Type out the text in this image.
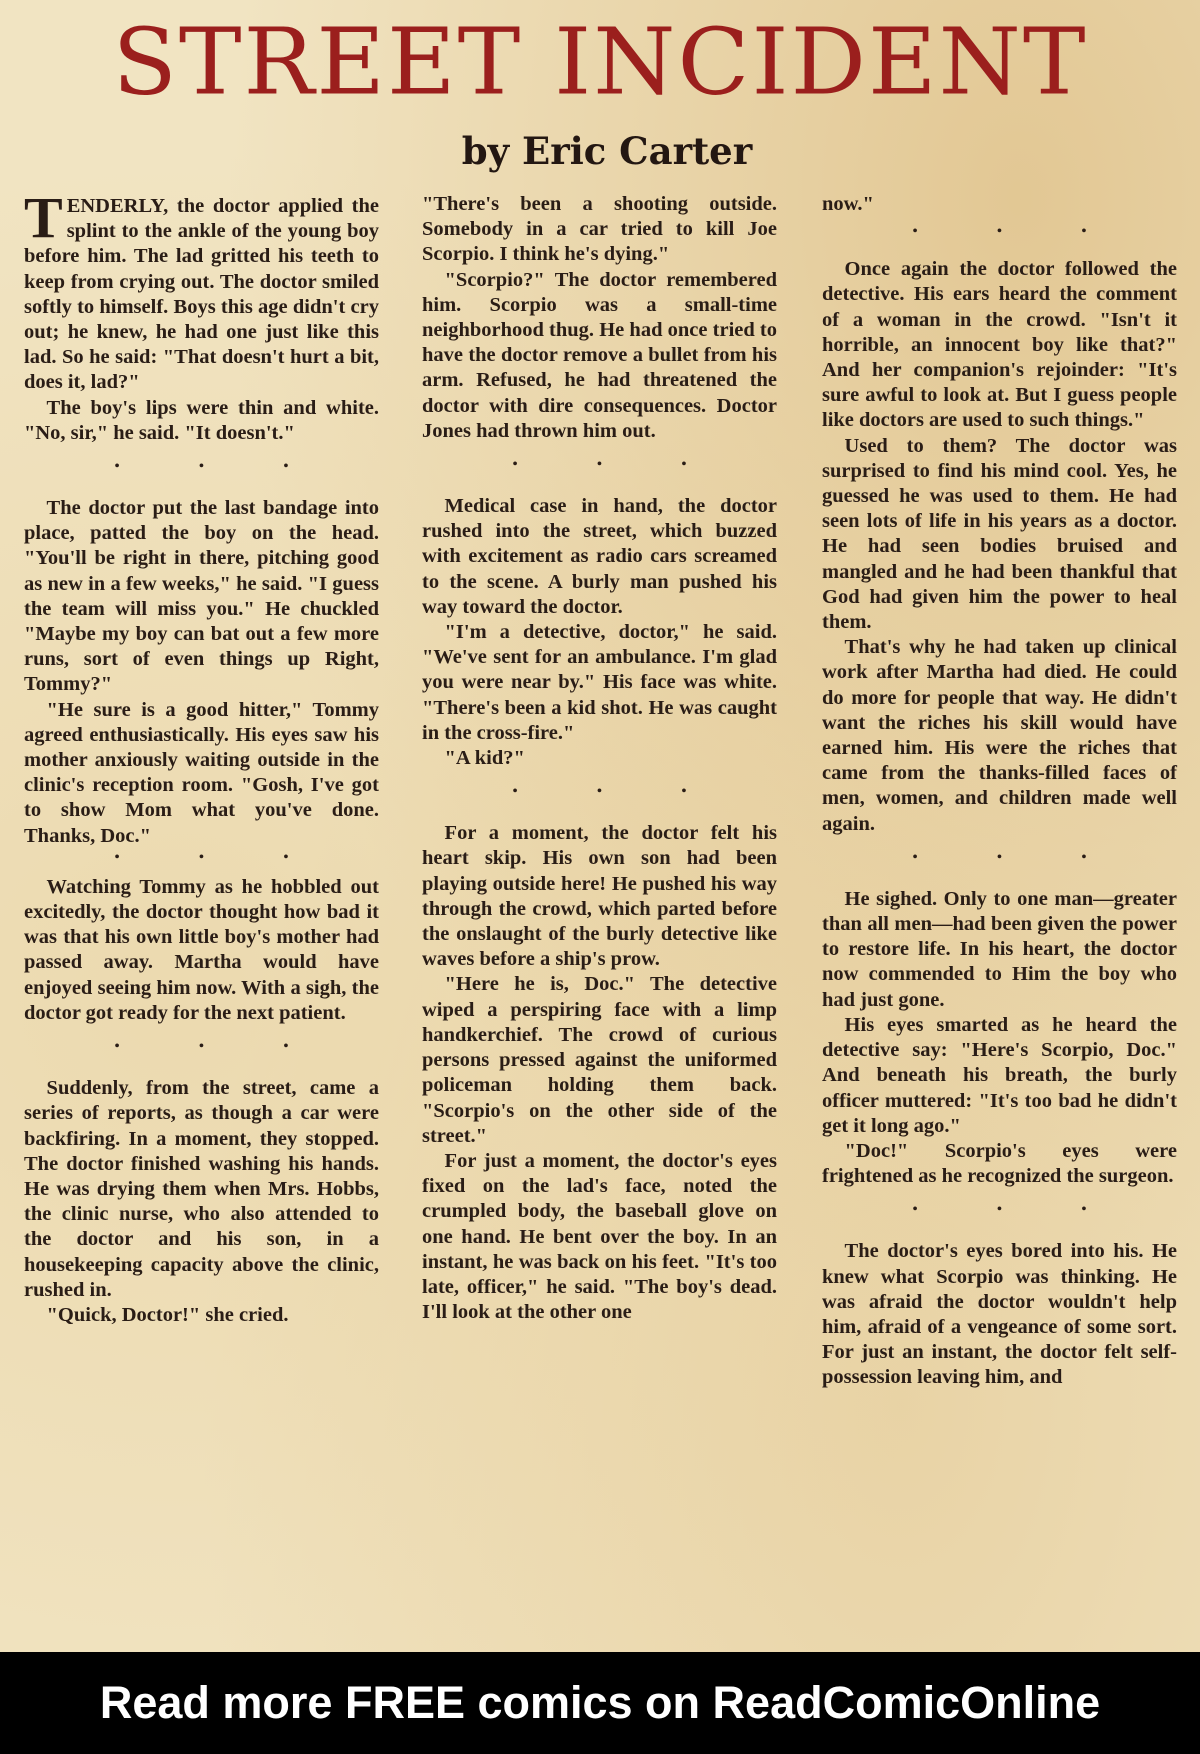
STREET INCIDENT
by Eric Carter

TENDERLY, the doctor applied the splint to the ankle of the young boy before him. The lad gritted his teeth to keep from crying out. The doctor smiled softly to himself. Boys this age didn't cry out; he knew, he had one just like this lad. So he said: "That doesn't hurt a bit, does it, lad?"

The boy's lips were thin and white. "No, sir," he said. "It doesn't."

• • •

The doctor put the last bandage into place, patted the boy on the head. "You'll be right in there, pitching good as new in a few weeks," he said. "I guess the team will miss you." He chuckled "Maybe my boy can bat out a few more runs, sort of even things up Right, Tommy?"

"He sure is a good hitter," Tommy agreed enthusiastically. His eyes saw his mother anxiously waiting outside in the clinic's reception room. "Gosh, I've got to show Mom what you've done. Thanks, Doc."

• • •

Watching Tommy as he hobbled out excitedly, the doctor thought how bad it was that his own little boy's mother had passed away. Martha would have enjoyed seeing him now. With a sigh, the doctor got ready for the next patient.

• • •

Suddenly, from the street, came a series of reports, as though a car were backfiring. In a moment, they stopped. The doctor finished washing his hands. He was drying them when Mrs. Hobbs, the clinic nurse, who also attended to the doctor and his son, in a housekeeping capacity above the clinic, rushed in.

"Quick, Doctor!" she cried.

"There's been a shooting outside. Somebody in a car tried to kill Joe Scorpio. I think he's dying."

"Scorpio?" The doctor remembered him. Scorpio was a small-time neighborhood thug. He had once tried to have the doctor remove a bullet from his arm. Refused, he had threatened the doctor with dire consequences. Doctor Jones had thrown him out.

• • •

Medical case in hand, the doctor rushed into the street, which buzzed with excitement as radio cars screamed to the scene. A burly man pushed his way toward the doctor.

"I'm a detective, doctor," he said. "We've sent for an ambulance. I'm glad you were near by." His face was white. "There's been a kid shot. He was caught in the cross-fire."

"A kid?"

• • •

For a moment, the doctor felt his heart skip. His own son had been playing outside here! He pushed his way through the crowd, which parted before the onslaught of the burly detective like waves before a ship's prow.

"Here he is, Doc." The detective wiped a perspiring face with a limp handkerchief. The crowd of curious persons pressed against the uniformed policeman holding them back. "Scorpio's on the other side of the street."

For just a moment, the doctor's eyes fixed on the lad's face, noted the crumpled body, the baseball glove on one hand. He bent over the boy. In an instant, he was back on his feet. "It's too late, officer," he said. "The boy's dead. I'll look at the other one

now."

• • •

Once again the doctor followed the detective. His ears heard the comment of a woman in the crowd. "Isn't it horrible, an innocent boy like that?" And her companion's rejoinder: "It's sure awful to look at. But I guess people like doctors are used to such things."

Used to them? The doctor was surprised to find his mind cool. Yes, he guessed he was used to them. He had seen lots of life in his years as a doctor. He had seen bodies bruised and mangled and he had been thankful that God had given him the power to heal them.

That's why he had taken up clinical work after Martha had died. He could do more for people that way. He didn't want the riches his skill would have earned him. His were the riches that came from the thanks-filled faces of men, women, and children made well again.

• • •

He sighed. Only to one man—greater than all men—had been given the power to restore life. In his heart, the doctor now commended to Him the boy who had just gone.

His eyes smarted as he heard the detective say: "Here's Scorpio, Doc." And beneath his breath, the burly officer muttered: "It's too bad he didn't get it long ago."

"Doc!" Scorpio's eyes were frightened as he recognized the surgeon.

• • •

The doctor's eyes bored into his. He knew what Scorpio was thinking. He was afraid the doctor wouldn't help him, afraid of a vengeance of some sort. For just an instant, the doctor felt self-possession leaving him, and

Read more FREE comics on ReadComicOnline
